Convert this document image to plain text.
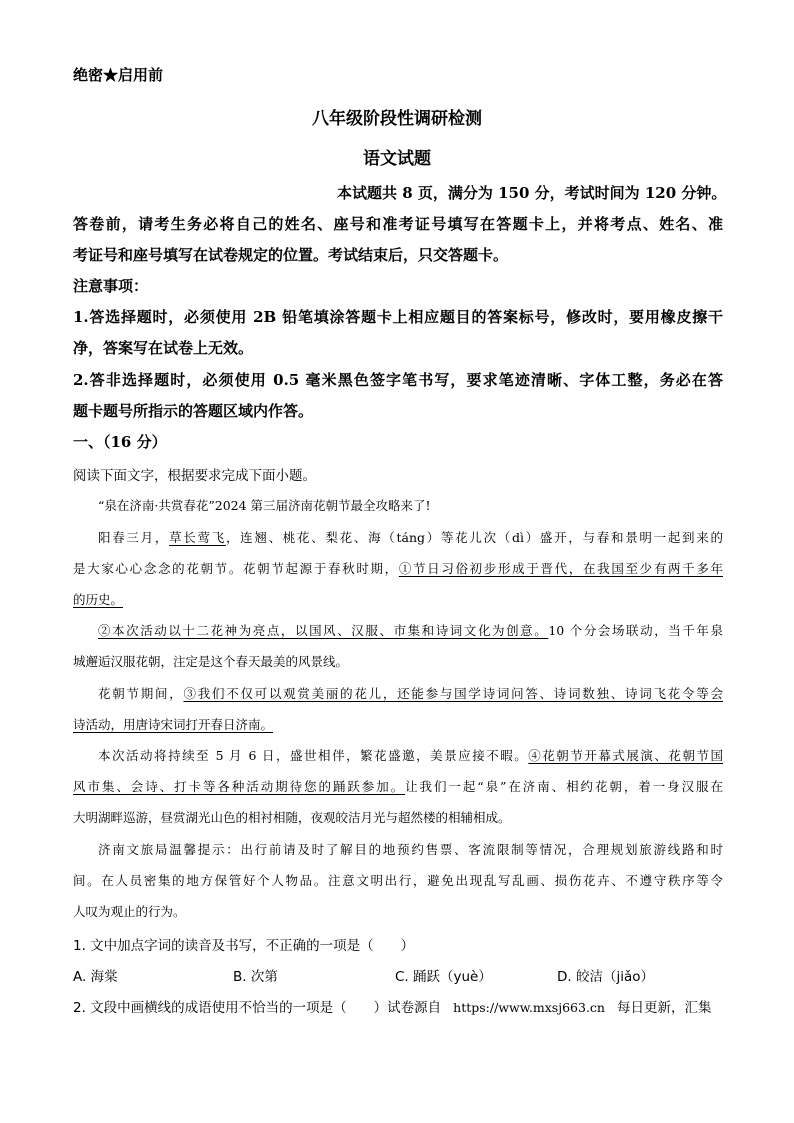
绝密★启用前
八年级阶段性调研检测
语文试题
本试题共 8 页，满分为 150 分，考试时间为 120 分钟。
答卷前，请考生务必将自己的姓名、座号和准考证号填写在答题卡上，并将考点、姓名、准
考证号和座号填写在试卷规定的位置。考试结束后，只交答题卡。
注意事项：
1.答选择题时，必须使用 2B 铅笔填涂答题卡上相应题目的答案标号，修改时，要用橡皮擦干
净，答案写在试卷上无效。
2.答非选择题时，必须使用 0.5 毫米黑色签字笔书写，要求笔迹清晰、字体工整，务必在答
题卡题号所指示的答题区域内作答。
一、（16 分）
阅读下面文字，根据要求完成下面小题。
“泉在济南·共赏春花”2024 第三届济南花朝节最全攻略来了!
阳春三月，草长莺飞，连翘、桃花、梨花、海（táng）等花儿次（dì）盛开，与春和景明一起到来的
是大家心心念念的花朝节。花朝节起源于春秋时期，①节日习俗初步形成于晋代，在我国至少有两千多年
的历史。
②本次活动以十二花神为亮点，以国风、汉服、市集和诗词文化为创意。10 个分会场联动，当千年泉
城邂逅汉服花朝，注定是这个春天最美的风景线。
花朝节期间，③我们不仅可以观赏美丽的花儿，还能参与国学诗词问答、诗词数独、诗词飞花令等会
诗活动，用唐诗宋词打开春日济南。
本次活动将持续至 5 月 6 日，盛世相伴，繁花盛邀，美景应接不暇。④花朝节开幕式展演、花朝节国
风市集、会诗、打卡等各种活动期待您的踊跃参加。让我们一起“泉”在济南、相约花朝，着一身汉服在
大明湖畔巡游，昼赏湖光山色的相衬相随，夜观皎洁月光与超然楼的相辅相成。
济南文旅局温馨提示：出行前请及时了解目的地预约售票、客流限制等情况，合理规划旅游线路和时
间。在人员密集的地方保管好个人物品。注意文明出行，避免出现乱写乱画、损伤花卉、不遵守秩序等令
人叹为观止的行为。
1. 文中加点字词的读音及书写，不正确的一项是（　　）
A. 海棠	B. 次第	C. 踊跃（yuè）	D. 皎洁（jiǎo）
2. 文段中画横线的成语使用不恰当的一项是（　　）试卷源自 https://www.mxsj663.cn 每日更新，汇集
